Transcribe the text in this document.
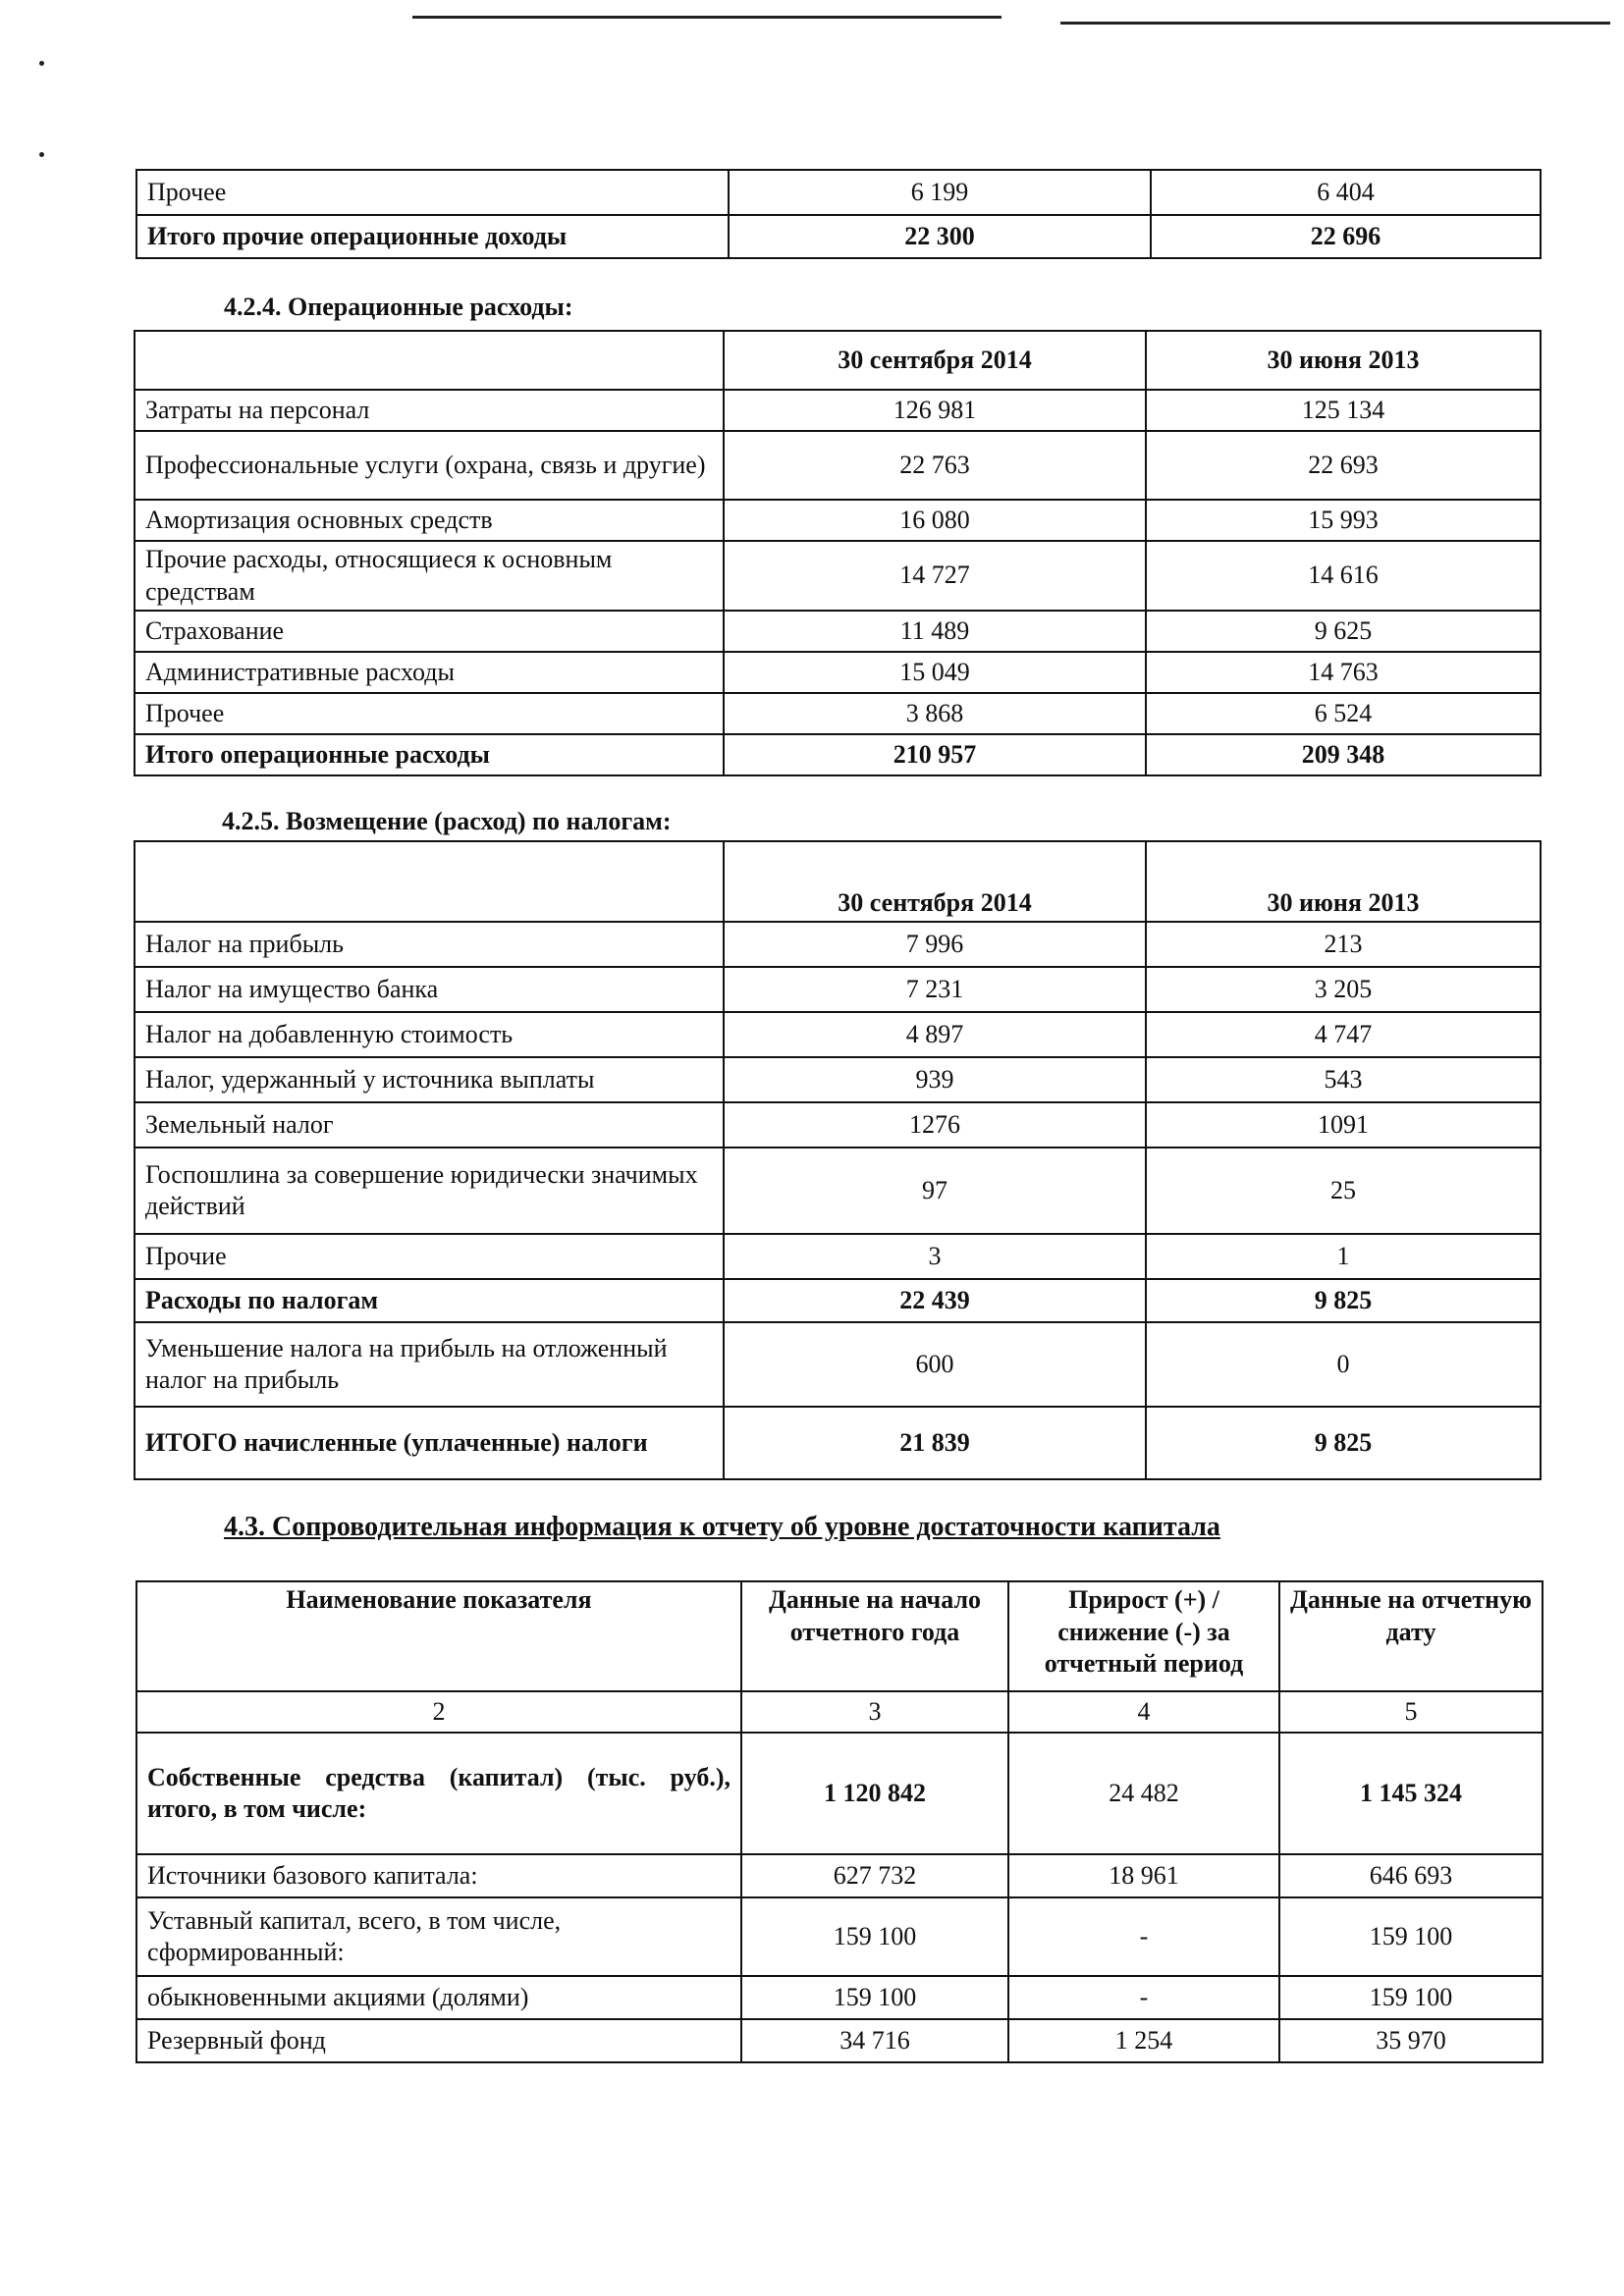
Прочее	6 199	6 404
Итого прочие операционные доходы	22 300	22 696
4.2.4. Операционные расходы:
	30 сентября 2014	30 июня 2013
Затраты на персонал	126 981	125 134
Профессиональные услуги (охрана, связь и другие)	22 763	22 693
Амортизация основных средств	16 080	15 993
Прочие расходы, относящиеся к основным средствам	14 727	14 616
Страхование	11 489	9 625
Административные расходы	15 049	14 763
Прочее	3 868	6 524
Итого операционные расходы	210 957	209 348
4.2.5. Возмещение (расход) по налогам:
	30 сентября 2014	30 июня 2013
Налог на прибыль	7 996	213
Налог на имущество банка	7 231	3 205
Налог на добавленную стоимость	4 897	4 747
Налог, удержанный у источника выплаты	939	543
Земельный налог	1276	1091
Госпошлина за совершение юридически значимых действий	97	25
Прочие	3	1
Расходы по налогам	22 439	9 825
Уменьшение налога на прибыль на отложенный налог на прибыль	600	0
ИТОГО начисленные (уплаченные) налоги	21 839	9 825
4.3. Сопроводительная информация к отчету об уровне достаточности капитала
Наименование показателя	Данные на начало отчетного года	Прирост (+) / снижение (-) за отчетный период	Данные на отчетную дату
2	3	4	5
Собственные средства (капитал) (тыс. руб.), итого, в том числе:	1 120 842	24 482	1 145 324
Источники базового капитала:	627 732	18 961	646 693
Уставный капитал, всего, в том числе, сформированный:	159 100	-	159 100
обыкновенными акциями (долями)	159 100	-	159 100
Резервный фонд	34 716	1 254	35 970
